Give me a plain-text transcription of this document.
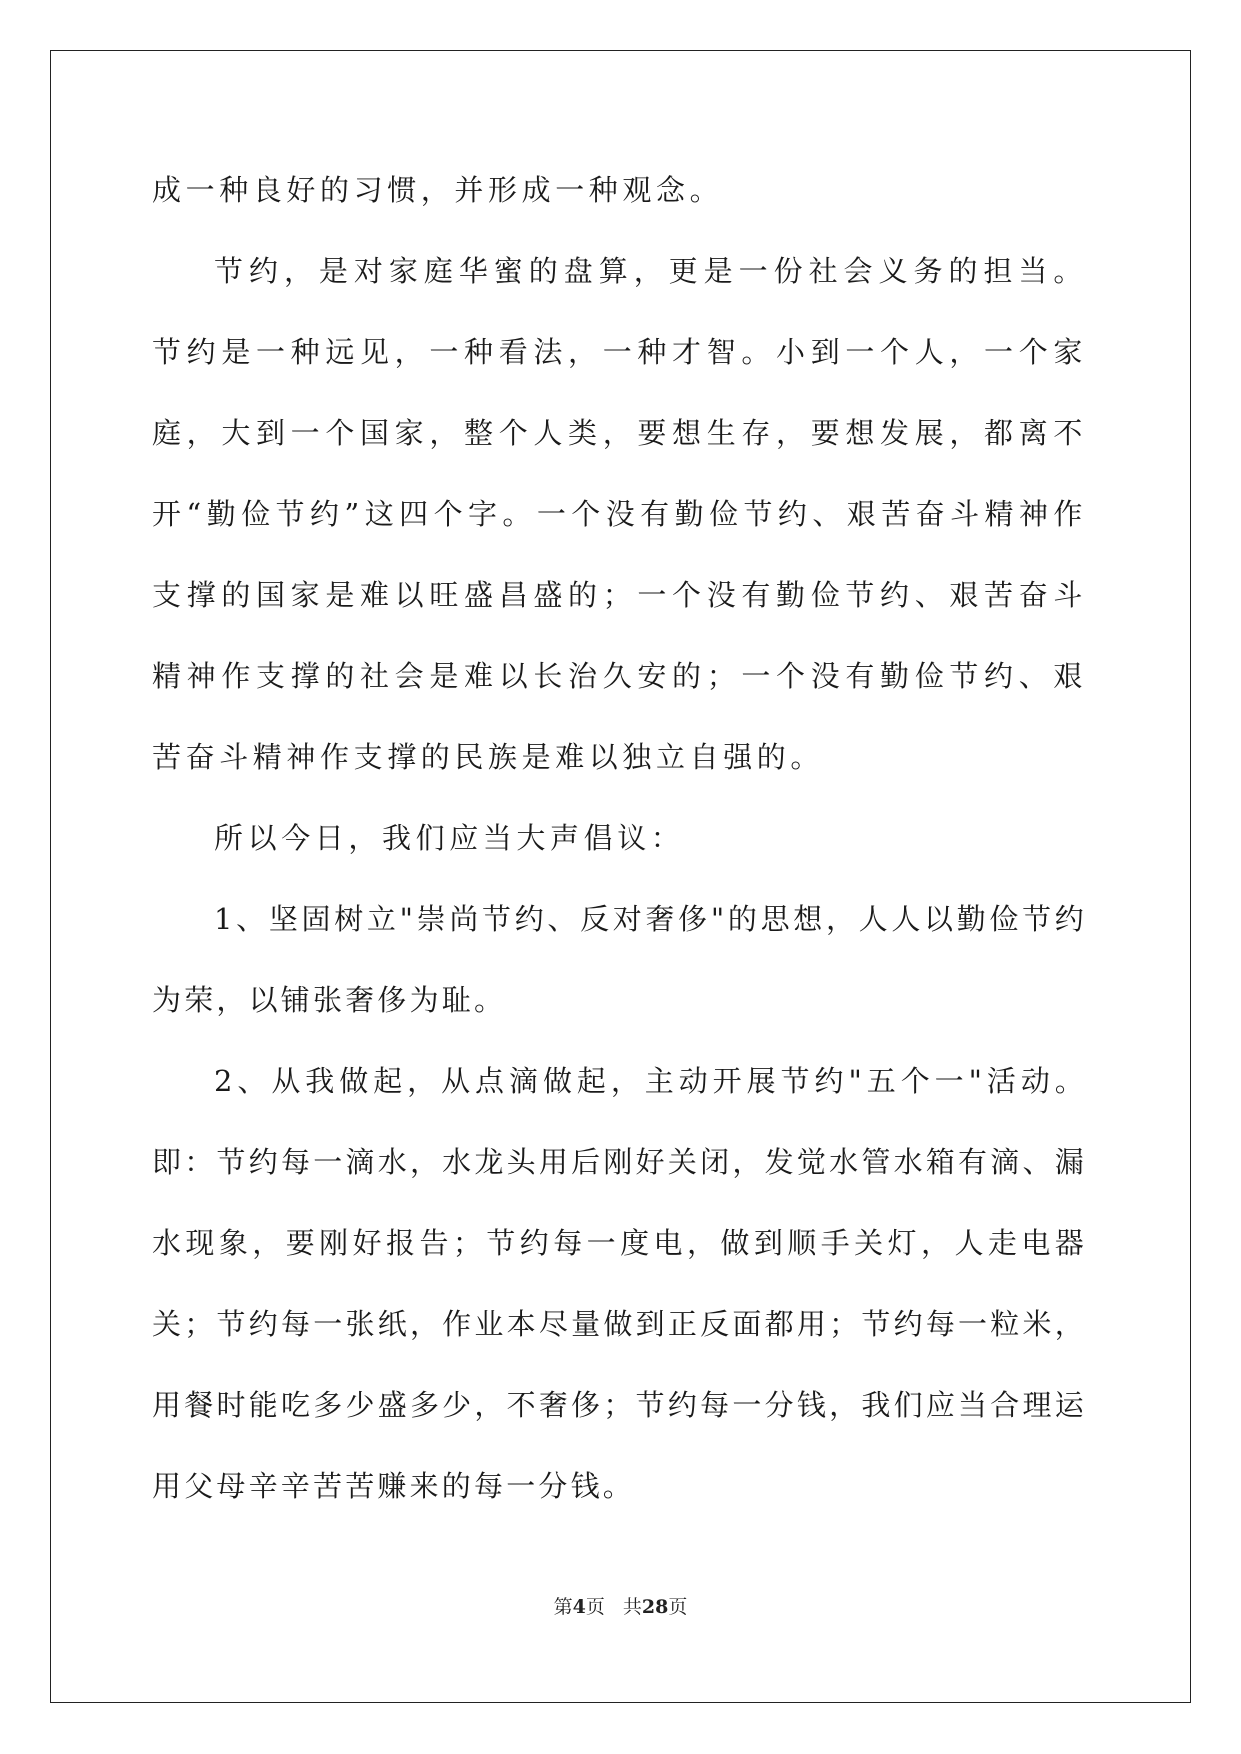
成一种良好的习惯，并形成一种观念。

节约，是对家庭华蜜的盘算，更是一份社会义务的担当。节约是一种远见，一种看法，一种才智。小到一个人，一个家庭，大到一个国家，整个人类，要想生存，要想发展，都离不开“勤俭节约”这四个字。一个没有勤俭节约、艰苦奋斗精神作支撑的国家是难以旺盛昌盛的；一个没有勤俭节约、艰苦奋斗精神作支撑的社会是难以长治久安的；一个没有勤俭节约、艰苦奋斗精神作支撑的民族是难以独立自强的。

所以今日，我们应当大声倡议：

1、坚固树立"崇尚节约、反对奢侈"的思想，人人以勤俭节约为荣，以铺张奢侈为耻。

2、从我做起，从点滴做起，主动开展节约"五个一"活动。即：节约每一滴水，水龙头用后刚好关闭，发觉水管水箱有滴、漏水现象，要刚好报告；节约每一度电，做到顺手关灯，人走电器关；节约每一张纸，作业本尽量做到正反面都用；节约每一粒米，用餐时能吃多少盛多少，不奢侈；节约每一分钱，我们应当合理运用父母辛辛苦苦赚来的每一分钱。

第4页 共28页
